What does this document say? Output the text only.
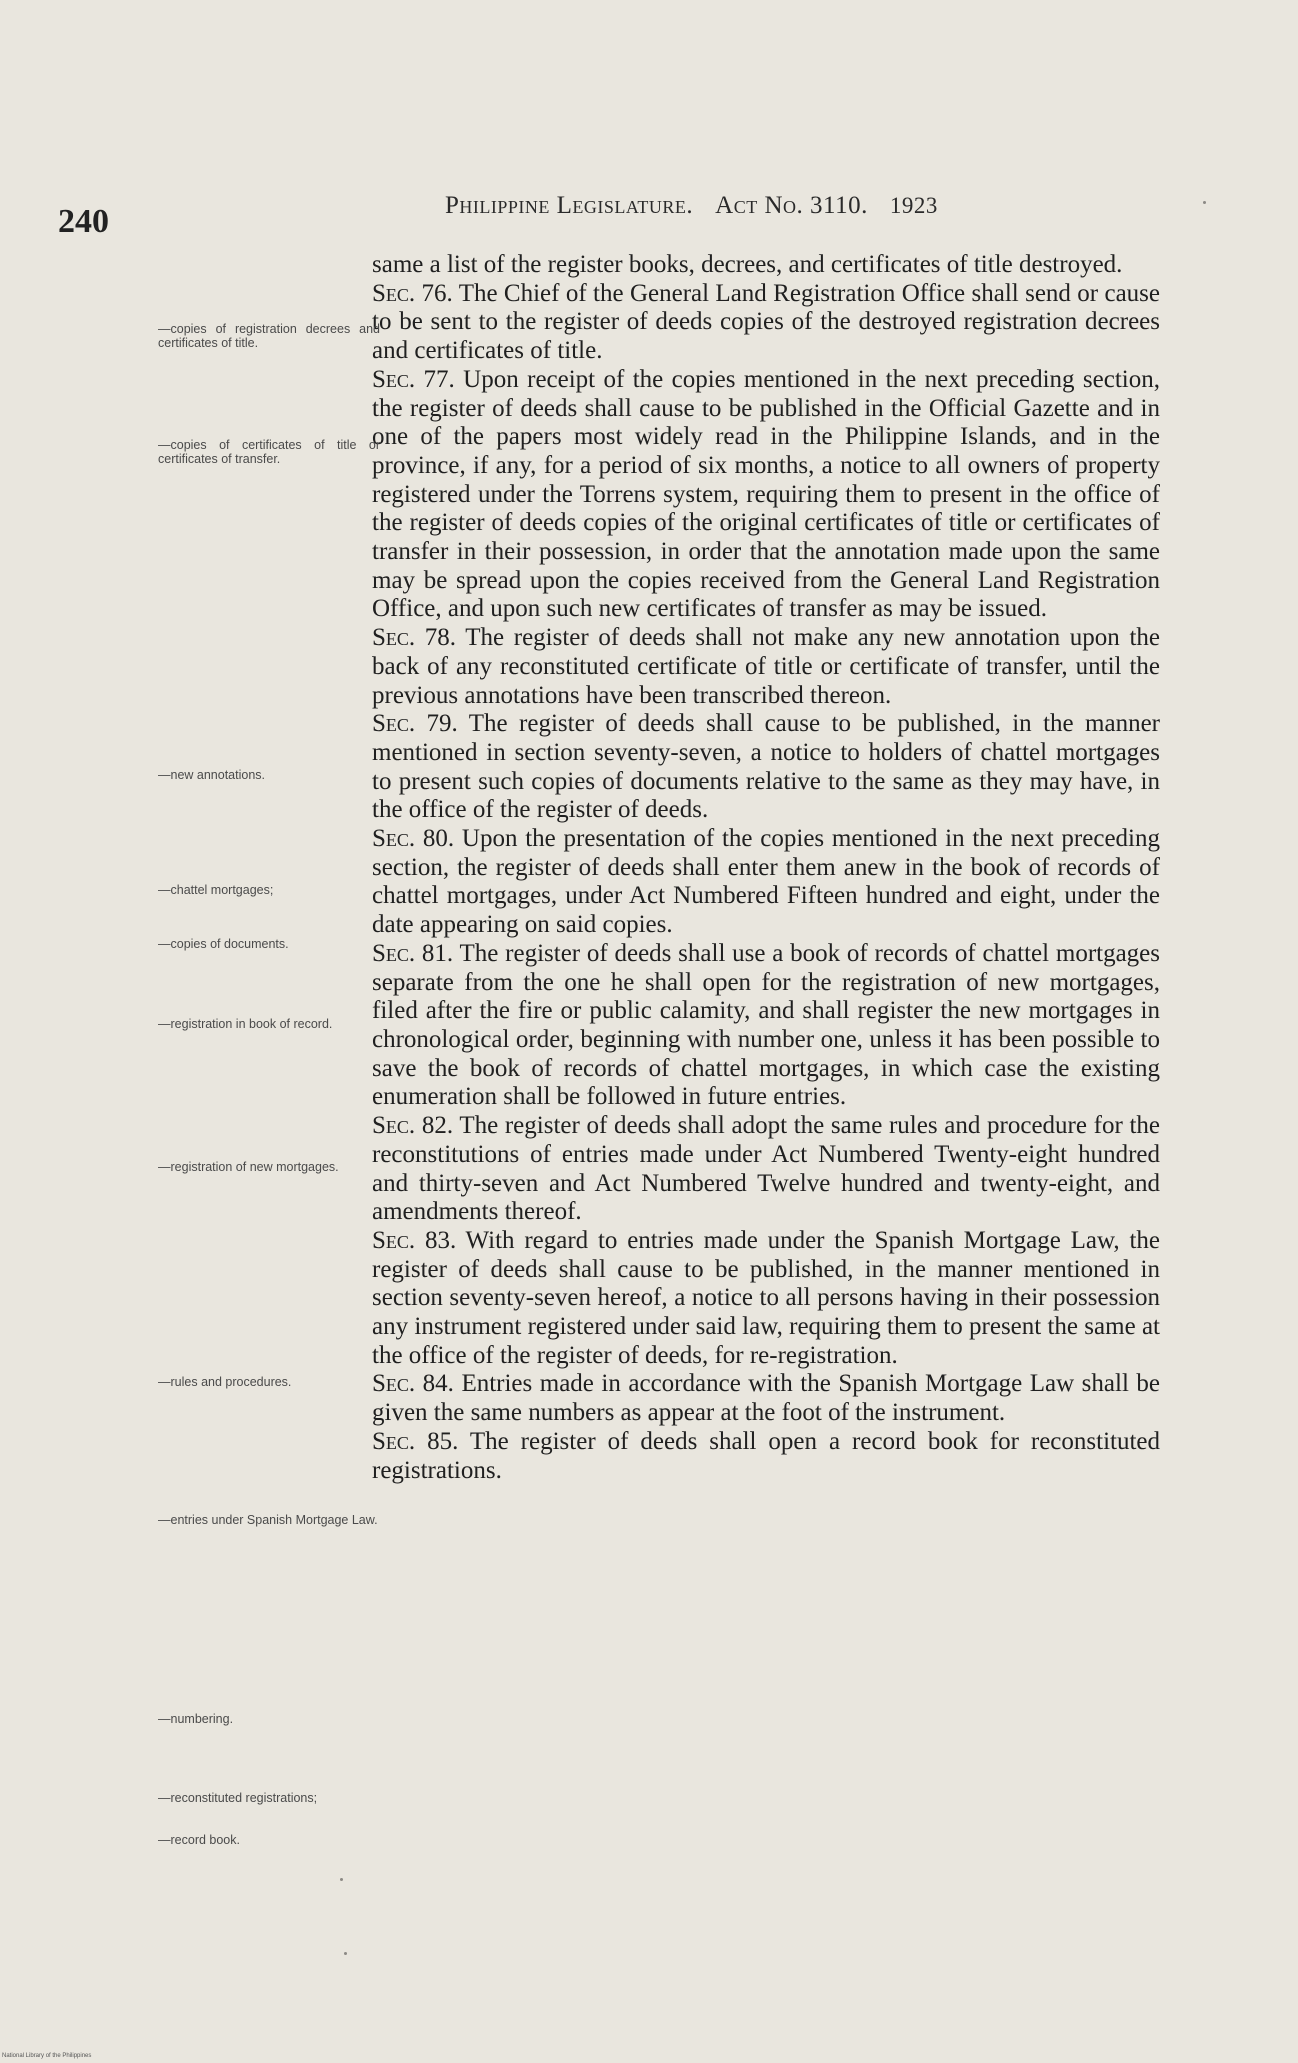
240	Philippine Legislature. Act No. 3110. 1923

same a list of the register books, decrees, and certificates of title destroyed.

Sec. 76. The Chief of the General Land Registration Office shall send or cause to be sent to the register of deeds copies of the destroyed registration decrees and certificates of title.

Sec. 77. Upon receipt of the copies mentioned in the next preceding section, the register of deeds shall cause to be published in the Official Gazette and in one of the papers most widely read in the Philippine Islands, and in the province, if any, for a period of six months, a notice to all owners of property registered under the Torrens system, requiring them to present in the office of the register of deeds copies of the original certificates of title or certificates of transfer in their possession, in order that the annotation made upon the same may be spread upon the copies received from the General Land Registration Office, and upon such new certificates of transfer as may be issued.

Sec. 78. The register of deeds shall not make any new annotation upon the back of any reconstituted certificate of title or certificate of transfer, until the previous annotations have been transcribed thereon.

Sec. 79. The register of deeds shall cause to be published, in the manner mentioned in section seventy-seven, a notice to holders of chattel mortgages to present such copies of documents relative to the same as they may have, in the office of the register of deeds.

Sec. 80. Upon the presentation of the copies mentioned in the next preceding section, the register of deeds shall enter them anew in the book of records of chattel mortgages, under Act Numbered Fifteen hundred and eight, under the date appearing on said copies.

Sec. 81. The register of deeds shall use a book of records of chattel mortgages separate from the one he shall open for the registration of new mortgages, filed after the fire or public calamity, and shall register the new mortgages in chronological order, beginning with number one, unless it has been possible to save the book of records of chattel mortgages, in which case the existing enumeration shall be followed in future entries.

Sec. 82. The register of deeds shall adopt the same rules and procedure for the reconstitutions of entries made under Act Numbered Twenty-eight hundred and thirty-seven and Act Numbered Twelve hundred and twenty-eight, and amendments thereof.

Sec. 83. With regard to entries made under the Spanish Mortgage Law, the register of deeds shall cause to be published, in the manner mentioned in section seventy-seven hereof, a notice to all persons having in their possession any instrument registered under said law, requiring them to present the same at the office of the register of deeds, for re-registration.

Sec. 84. Entries made in accordance with the Spanish Mortgage Law shall be given the same numbers as appear at the foot of the instrument.

Sec. 85. The register of deeds shall open a record book for reconstituted registrations.

—copies of registration decrees and certificates of title.
—copies of certificates of title or certificates of transfer.
—new annotations.
—chattel mortgages;
—copies of documents.
—registration in book of record.
—registration of new mortgages.
—rules and procedures.
—entries under Spanish Mortgage Law.
—numbering.
—reconstituted registrations;
—record book.
National Library of the Philippines
